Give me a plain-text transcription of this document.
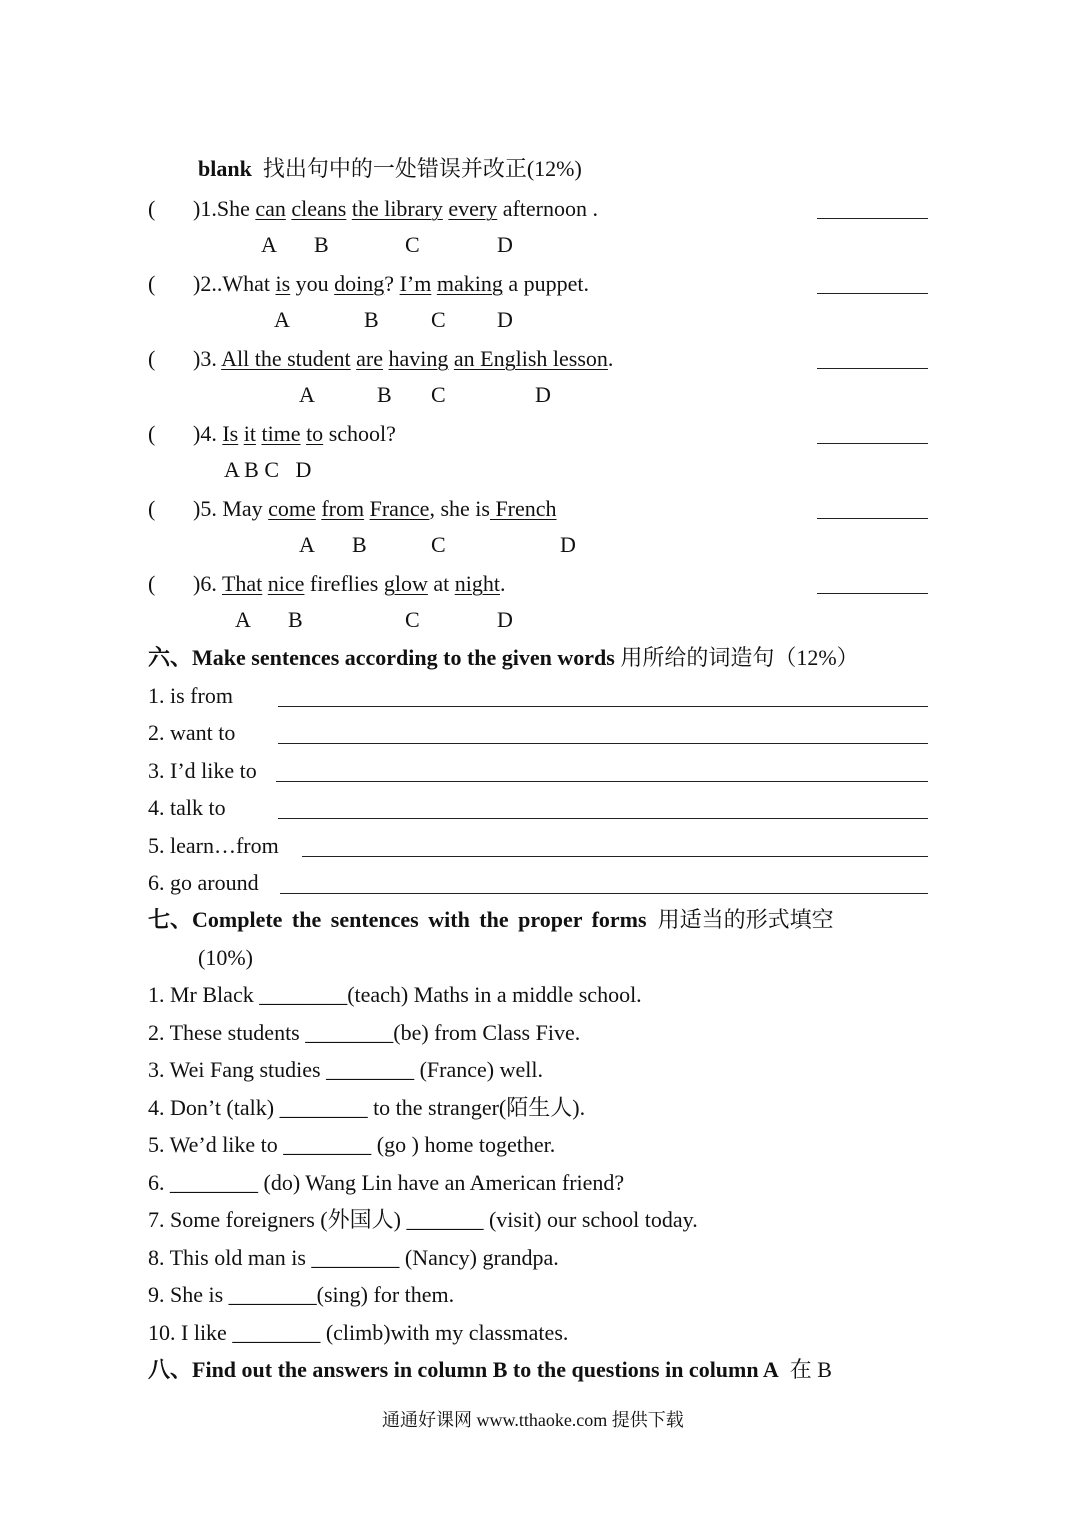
blank 找出句中的一处错误并改正(12%)
( )1.She can cleans the library every afternoon .
A B	C	D
( )2..What is you doing? I’m making a puppet.
A	B C D
( )3. All the student are having an English lesson.
A	B C	D
( )4. Is it time to school?
A B C   D
( )5. May come from France, she is French
A B	C	D
( )6. That nice fireflies glow at night.
A B	C	D
六、Make sentences according to the given words 用所给的词造句（12%）
1. is from
2. want to
3. I’d like to
4. talk to
5. learn…from
6. go around
七、Complete the sentences with the proper forms 用适当的形式填空
(10%)
1. Mr Black ________(teach) Maths in a middle school.
2. These students ________(be) from Class Five.
3. Wei Fang studies ________ (France) well.
4. Don’t (talk) ________ to the stranger(陌生人).
5. We’d like to ________ (go ) home together.
6. ________ (do) Wang Lin have an American friend?
7. Some foreigners (外国人) _______ (visit) our school today.
8. This old man is ________ (Nancy) grandpa.
9. She is ________(sing) for them.
10. I like ________ (climb)with my classmates.
八、Find out the answers in column B to the questions in column A 在 B
通通好课网 www.tthaoke.com 提供下载
